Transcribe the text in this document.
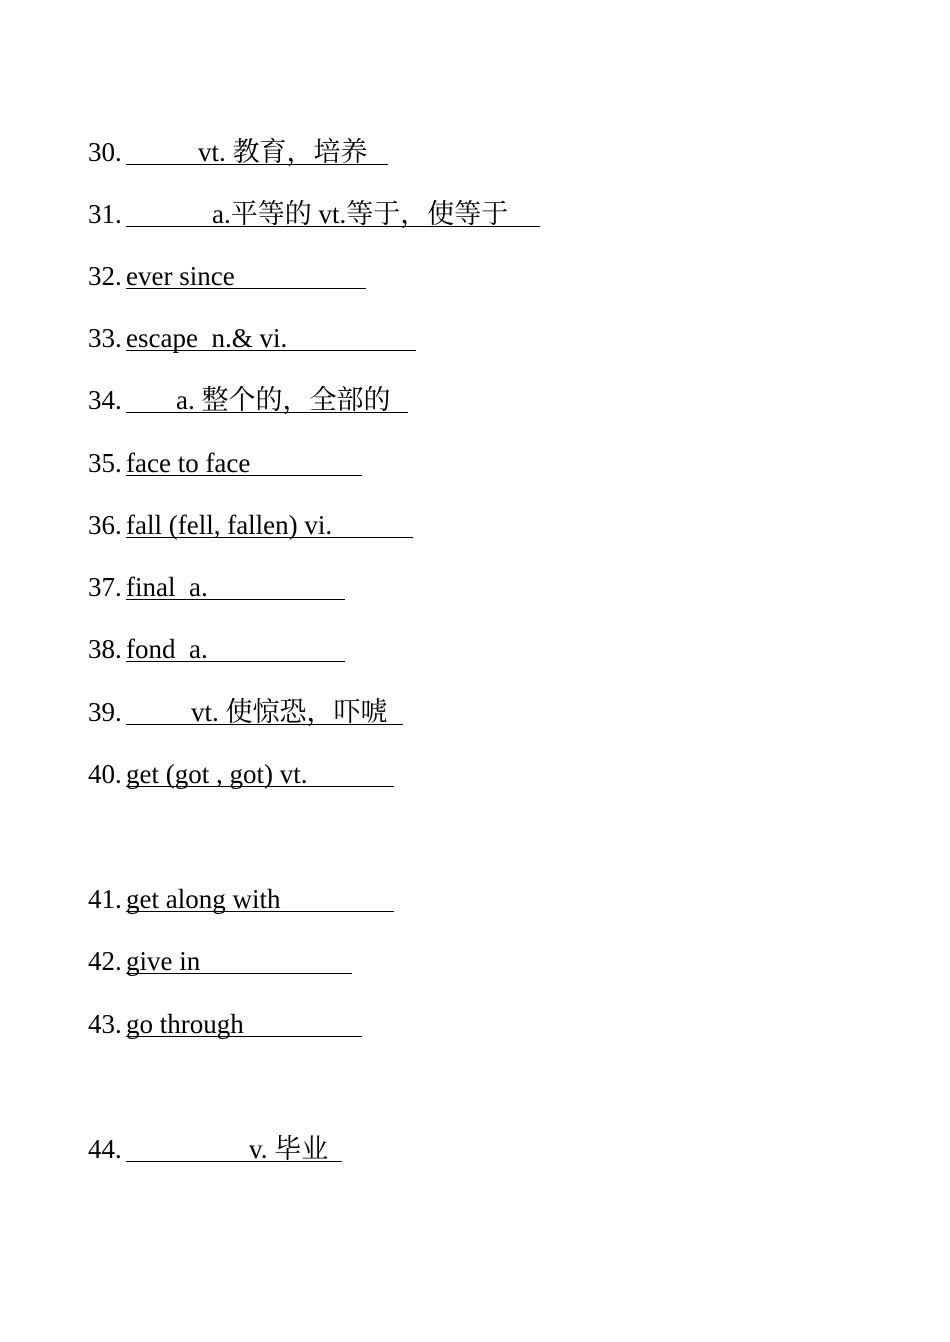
30.	vt. 教育，培养
31.	a.平等的 vt.等于，使等于
32. ever since
33. escape  n.& vi.
34. a. 整个的，全部的
35. face to face
36. fall (fell, fallen) vi.
37. final  a.
38. fond  a.
39.	vt. 使惊恐，吓唬
40. get (got , got) vt.
41. get along with
42. give in
43. go through
44.	v. 毕业
